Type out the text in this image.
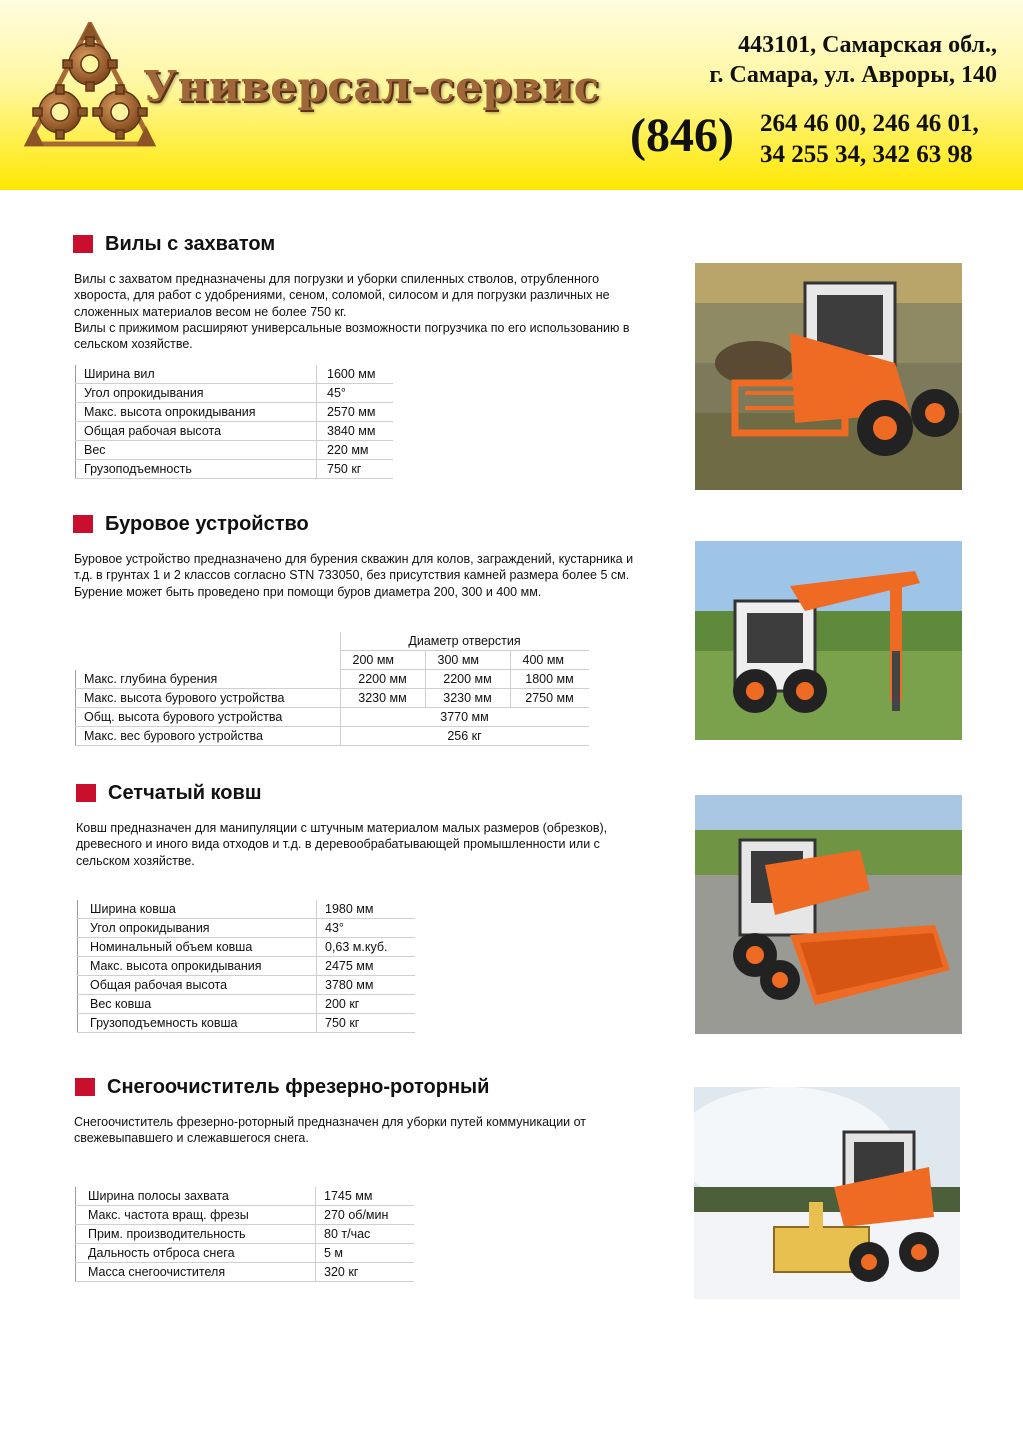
Универсал-сервис
443101, Самарская обл.,
г. Самара, ул. Авроры, 140
(846) 264 46 00, 246 46 01,
34 255 34, 342 63 98
Вилы с захватом

Вилы с захватом предназначены для погрузки и уборки спиленных стволов, отрубленного хвороста, для работ с удобрениями, сеном, соломой, силосом и для погрузки различных не сложенных материалов весом не более 750 кг.

Вилы с прижимом расширяют универсальные возможности погрузчика по его использованию в сельском хозяйстве.

Ширина вил	1600 мм
Угол опрокидывания	45°
Макс. высота опрокидывания	2570 мм
Общая рабочая высота	3840 мм
Вес	220 мм
Грузоподъемность	750 кг
Буровое устройство

Буровое устройство предназначено для бурения скважин для колов, заграждений, кустарника и т.д. в грунтах 1 и 2 классов согласно STN 733050, без присутствия камней размера более 5 см.

Бурение может быть проведено при помощи буров диаметра 200, 300 и 400 мм.

	Диаметр отверстия		
	200 мм	300 мм	400 мм
Макс. глубина бурения	2200 мм	2200 мм	1800 мм
Макс. высота бурового устройства	3230 мм	3230 мм	2750 мм
Общ. высота бурового устройства	3770 мм		
Макс. вес бурового устройства	256 кг		
Сетчатый ковш

Ковш предназначен для манипуляции с штучным материалом малых размеров (обрезков), древесного и иного вида отходов и т.д. в деревообрабатывающей промышленности или с сельском хозяйстве.

Ширина ковша	1980 мм
Угол опрокидывания	43°
Номинальный объем ковша	0,63 м.куб.
Макс. высота опрокидывания	2475 мм
Общая рабочая высота	3780 мм
Вес ковша	200 кг
Грузоподъемность ковша	750 кг
Снегоочиститель фрезерно-роторный

Снегоочиститель фрезерно-роторный предназначен для уборки путей коммуникации от свежевыпавшего и слежавшегося снега.

Ширина полосы захвата	1745 мм
Макс. частота вращ. фрезы	270 об/мин
Прим. производительность	80 т/час
Дальность отброса снега	5 м
Масса снегоочистителя	320 кг
